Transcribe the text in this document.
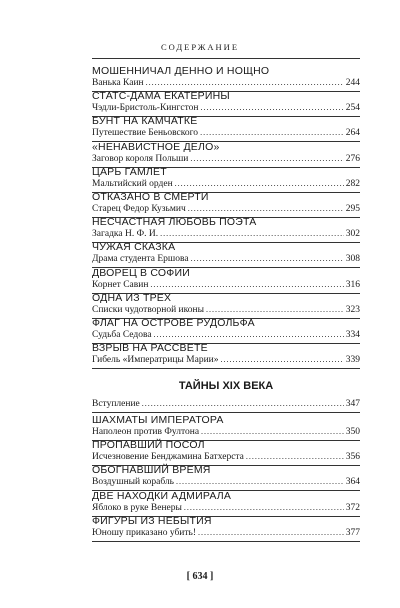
СОДЕРЖАНИЕ
МОШЕННИЧАЛ ДЕННО И НОЩНО
Ванька Каин .....	244
СТАТС-ДАМА ЕКАТЕРИНЫ
Чэдли-Бристоль-Кингстон .....	254
БУНТ НА КАМЧАТКЕ
Путешествие Беньовского .....	264
«НЕНАВИСТНОЕ ДЕЛО»
Заговор короля Польши .....	276
ЦАРЬ ГАМЛЕТ
Мальтийский орден .....	282
ОТКАЗАНО В СМЕРТИ
Старец Федор Кузьмич .....	295
НЕСЧАСТНАЯ ЛЮБОВЬ ПОЭТА
Загадка Н. Ф. И. .....	302
ЧУЖАЯ СКАЗКА
Драма студента Ершова .....	308
ДВОРЕЦ В СОФИИ
Корнет Савин .....	316
ОДНА ИЗ ТРЕХ
Списки чудотворной иконы .....	323
ФЛАГ НА ОСТРОВЕ РУДОЛЬФА
Судьба Седова .....	334
ВЗРЫВ НА РАССВЕТЕ
Гибель «Императрицы Марии» .....	339
ТАЙНЫ XIX ВЕКА
Вступление .....	347
ШАХМАТЫ ИМПЕРАТОРА
Наполеон против Фултона .....	350
ПРОПАВШИЙ ПОСОЛ
Исчезновение Бенджамина Батхерста .....	356
ОБОГНАВШИЙ ВРЕМЯ
Воздушный корабль .....	364
ДВЕ НАХОДКИ АДМИРАЛА
Яблоко в руке Венеры .....	372
ФИГУРЫ ИЗ НЕБЫТИЯ
Юношу приказано убить! .....	377
[ 634 ]
